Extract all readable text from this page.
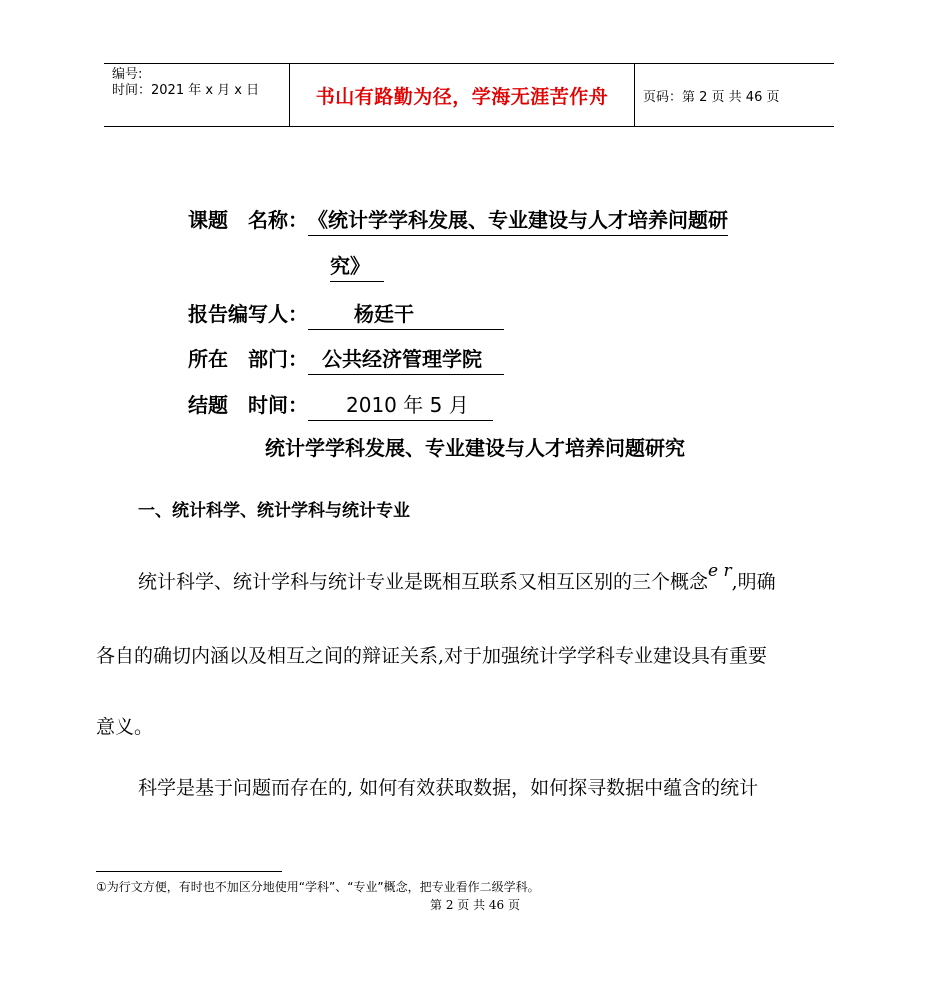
编号:
时间：2021 年 x 月 x 日	书山有路勤为径，学海无涯苦作舟	页码：第 2 页 共 46 页
课题　名称：《统计学学科发展、专业建设与人才培养问题研
究》
报告编写人： 杨廷干
所在　部门： 公共经济管理学院
结题　时间： 2010 年 5 月
统计学学科发展、专业建设与人才培养问题研究
一、统计科学、统计学科与统计专业
统计科学、统计学科与统计专业是既相互联系又相互区别的三个概念e r,明确
各自的确切内涵以及相互之间的辩证关系,对于加强统计学学科专业建设具有重要
意义。
科学是基于问题而存在的, 如何有效获取数据，如何探寻数据中蕴含的统计
①为行文方便，有时也不加区分地使用“学科”、“专业”概念，把专业看作二级学科。
第 2 页 共 46 页
